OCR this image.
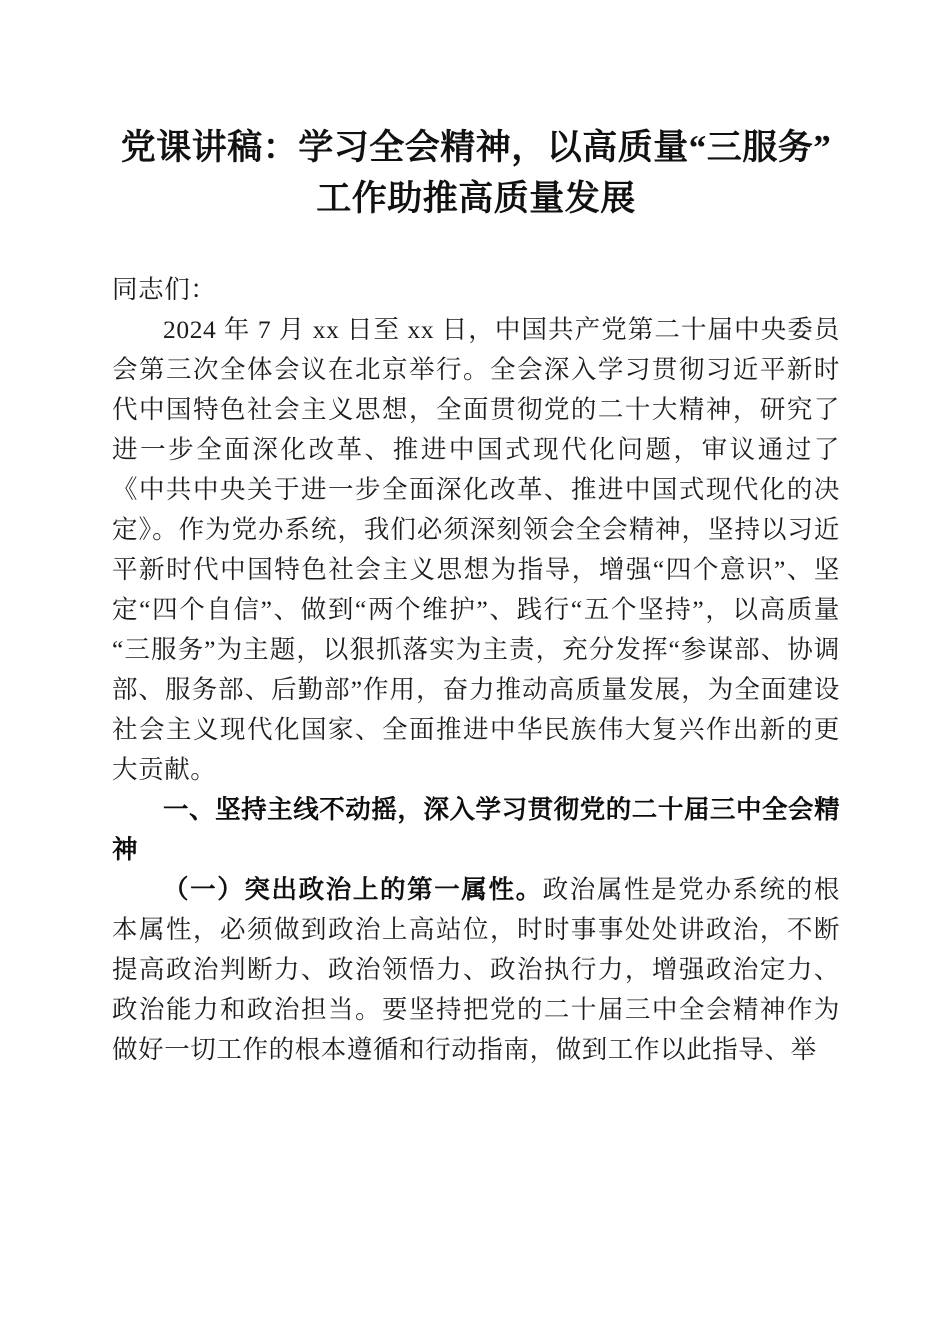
党课讲稿：学习全会精神，以高质量“三服务”工作助推高质量发展

同志们：

2024 年 7 月 xx 日至 xx 日，中国共产党第二十届中央委员会第三次全体会议在北京举行。全会深入学习贯彻习近平新时代中国特色社会主义思想，全面贯彻党的二十大精神，研究了进一步全面深化改革、推进中国式现代化问题，审议通过了《中共中央关于进一步全面深化改革、推进中国式现代化的决定》。作为党办系统，我们必须深刻领会全会精神，坚持以习近平新时代中国特色社会主义思想为指导，增强“四个意识”、坚定“四个自信”、做到“两个维护”、践行“五个坚持”，以高质量“三服务”为主题，以狠抓落实为主责，充分发挥“参谋部、协调部、服务部、后勤部”作用，奋力推动高质量发展，为全面建设社会主义现代化国家、全面推进中华民族伟大复兴作出新的更大贡献。

一、坚持主线不动摇，深入学习贯彻党的二十届三中全会精神

（一）突出政治上的第一属性。政治属性是党办系统的根本属性，必须做到政治上高站位，时时事事处处讲政治，不断提高政治判断力、政治领悟力、政治执行力，增强政治定力、政治能力和政治担当。要坚持把党的二十届三中全会精神作为做好一切工作的根本遵循和行动指南，做到工作以此指导、举
